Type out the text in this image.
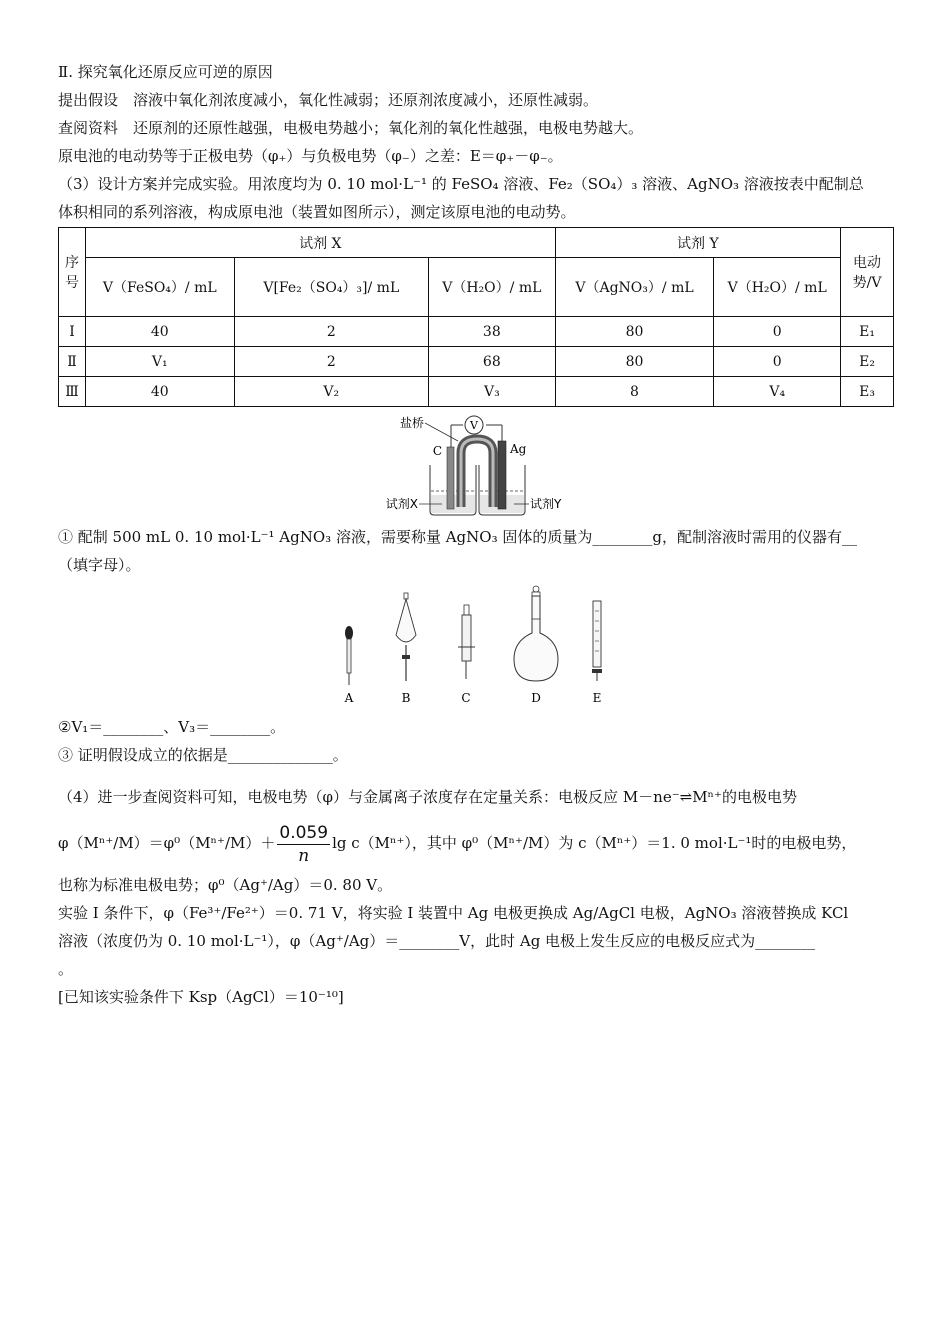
Ⅱ. 探究氧化还原反应可逆的原因
提出假设　溶液中氧化剂浓度减小，氧化性减弱；还原剂浓度减小，还原性减弱。
查阅资料　还原剂的还原性越强，电极电势越小；氧化剂的氧化性越强，电极电势越大。
原电池的电动势等于正极电势（φ₊）与负极电势（φ₋）之差：E＝φ₊－φ₋。
（3）设计方案并完成实验。用浓度均为 0. 10 mol·L⁻¹ 的 FeSO₄ 溶液、Fe₂（SO₄）₃ 溶液、AgNO₃ 溶液按表中配制总
体积相同的系列溶液，构成原电池（装置如图所示），测定该原电池的电动势。
序号	试剂 X			试剂 Y		电动势/V
	V（FeSO₄）/ mL	V[Fe₂（SO₄）₃]/ mL	V（H₂O）/ mL	V（AgNO₃）/ mL	V（H₂O）/ mL	
Ⅰ	40	2	38	80	0	E₁
Ⅱ	V₁	2	68	80	0	E₂
Ⅲ	40	V₂	V₃	8	V₄	E₃
V
盐桥
C	Ag
试剂X	试剂Y
① 配制 500 mL 0. 10 mol·L⁻¹ AgNO₃ 溶液，需要称量 AgNO₃ 固体的质量为________g，配制溶液时需用的仪器有__
（填字母）。
A	B	C	D	E
②V₁＝________、V₃＝________。
③ 证明假设成立的依据是______________。
（4）进一步查阅资料可知，电极电势（φ）与金属离子浓度存在定量关系：电极反应 M－ne⁻⇌Mⁿ⁺的电极电势
$\varphi(M^{n+}/M)=\varphi^0(M^{n+}/M)+ \frac{0.059}{n}$ lg c（Mⁿ⁺），其中 φ⁰（Mⁿ⁺/M）为 c（Mⁿ⁺）＝1. 0 mol·L⁻¹时的电极电势，
也称为标准电极电势；φ⁰（Ag⁺/Ag）＝0. 80 V。
实验 Ⅰ 条件下，φ（Fe³⁺/Fe²⁺）＝0. 71 V，将实验 Ⅰ 装置中 Ag 电极更换成 Ag/AgCl 电极，AgNO₃ 溶液替换成 KCl
溶液（浓度仍为 0. 10 mol·L⁻¹），φ（Ag⁺/Ag）＝________V，此时 Ag 电极上发生反应的电极反应式为________
。
[已知该实验条件下 Ksp（AgCl）＝10⁻¹⁰]
